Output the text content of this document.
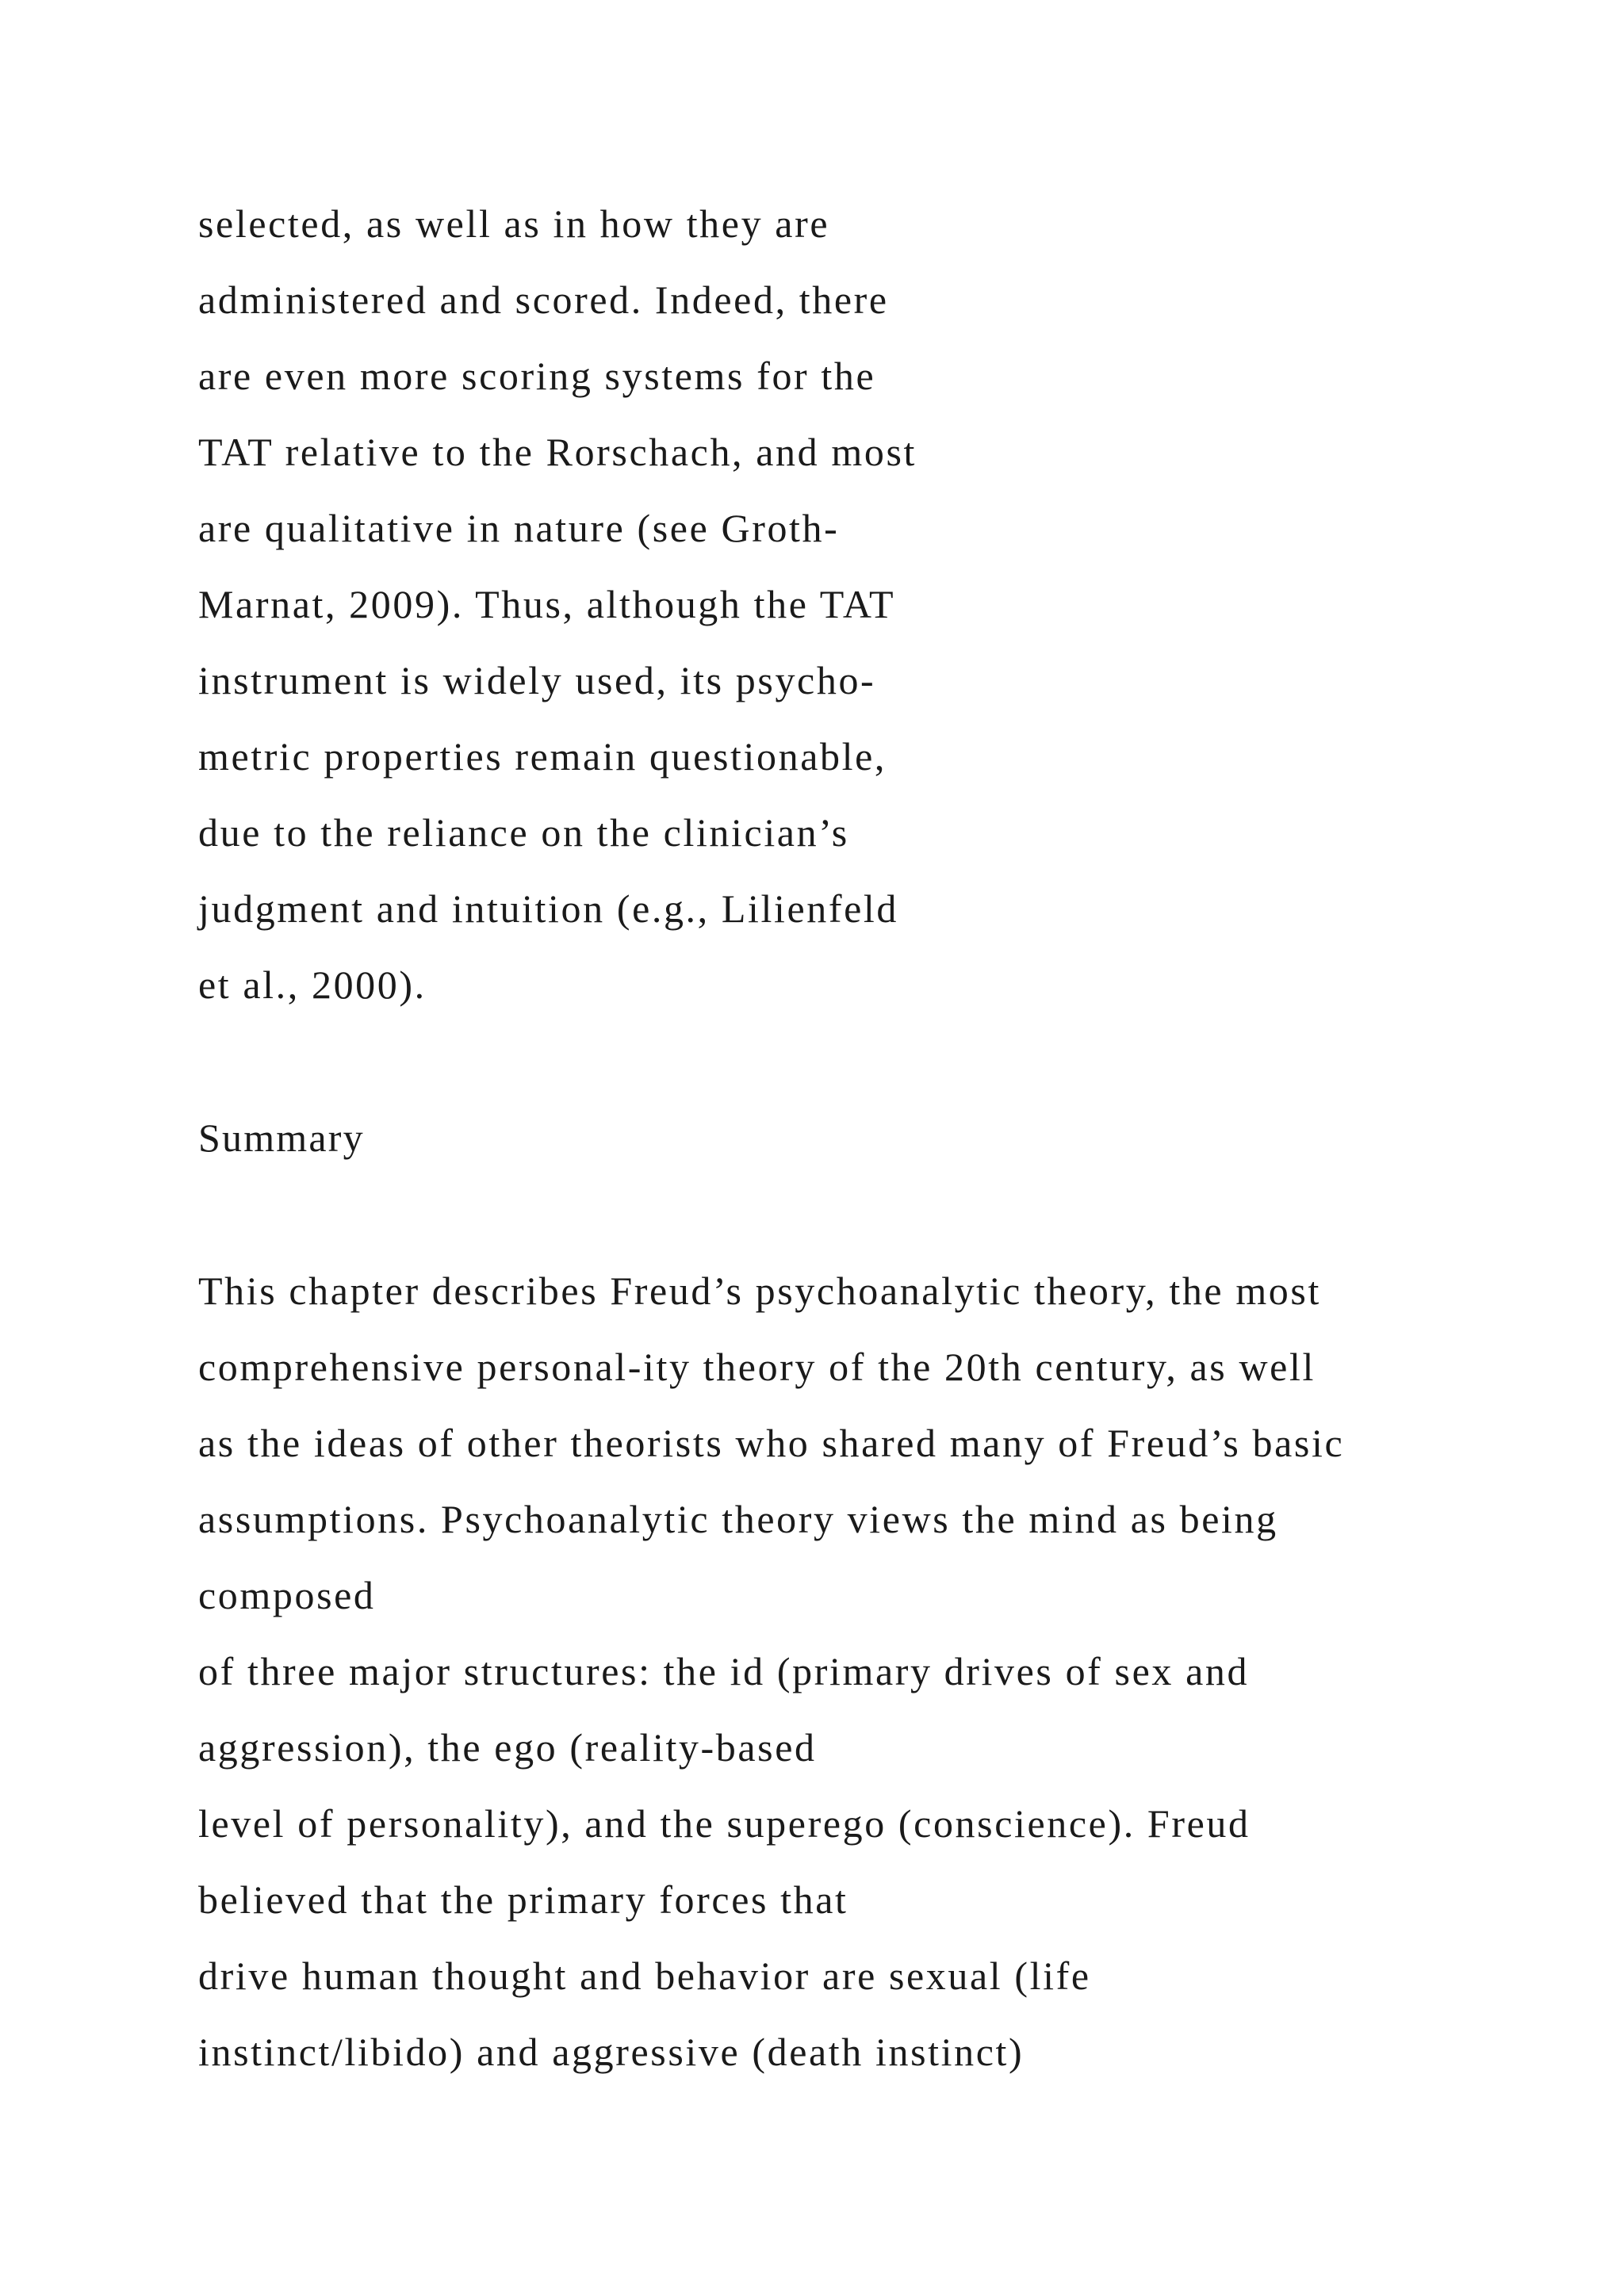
selected, as well as in how they are

administered and scored. Indeed, there

are even more scoring systems for the

TAT relative to the Rorschach, and most

are qualitative in nature (see Groth-

Marnat, 2009). Thus, although the TAT

instrument is widely used, its psycho-

metric properties remain questionable,

due to the reliance on the clinician’s

judgment and intuition (e.g., Lilienfeld

et al., 2000).

Summary

This chapter describes Freud’s psychoanalytic theory, the most

comprehensive personal-ity theory of the 20th century, as well

as the ideas of other theorists who shared many of Freud’s basic

assumptions. Psychoanalytic theory views the mind as being

composed

of three major structures: the id (primary drives of sex and

aggression), the ego (reality-based

level of personality), and the superego (conscience). Freud

believed that the primary forces that

drive human thought and behavior are sexual (life

instinct/libido) and aggressive (death instinct)
